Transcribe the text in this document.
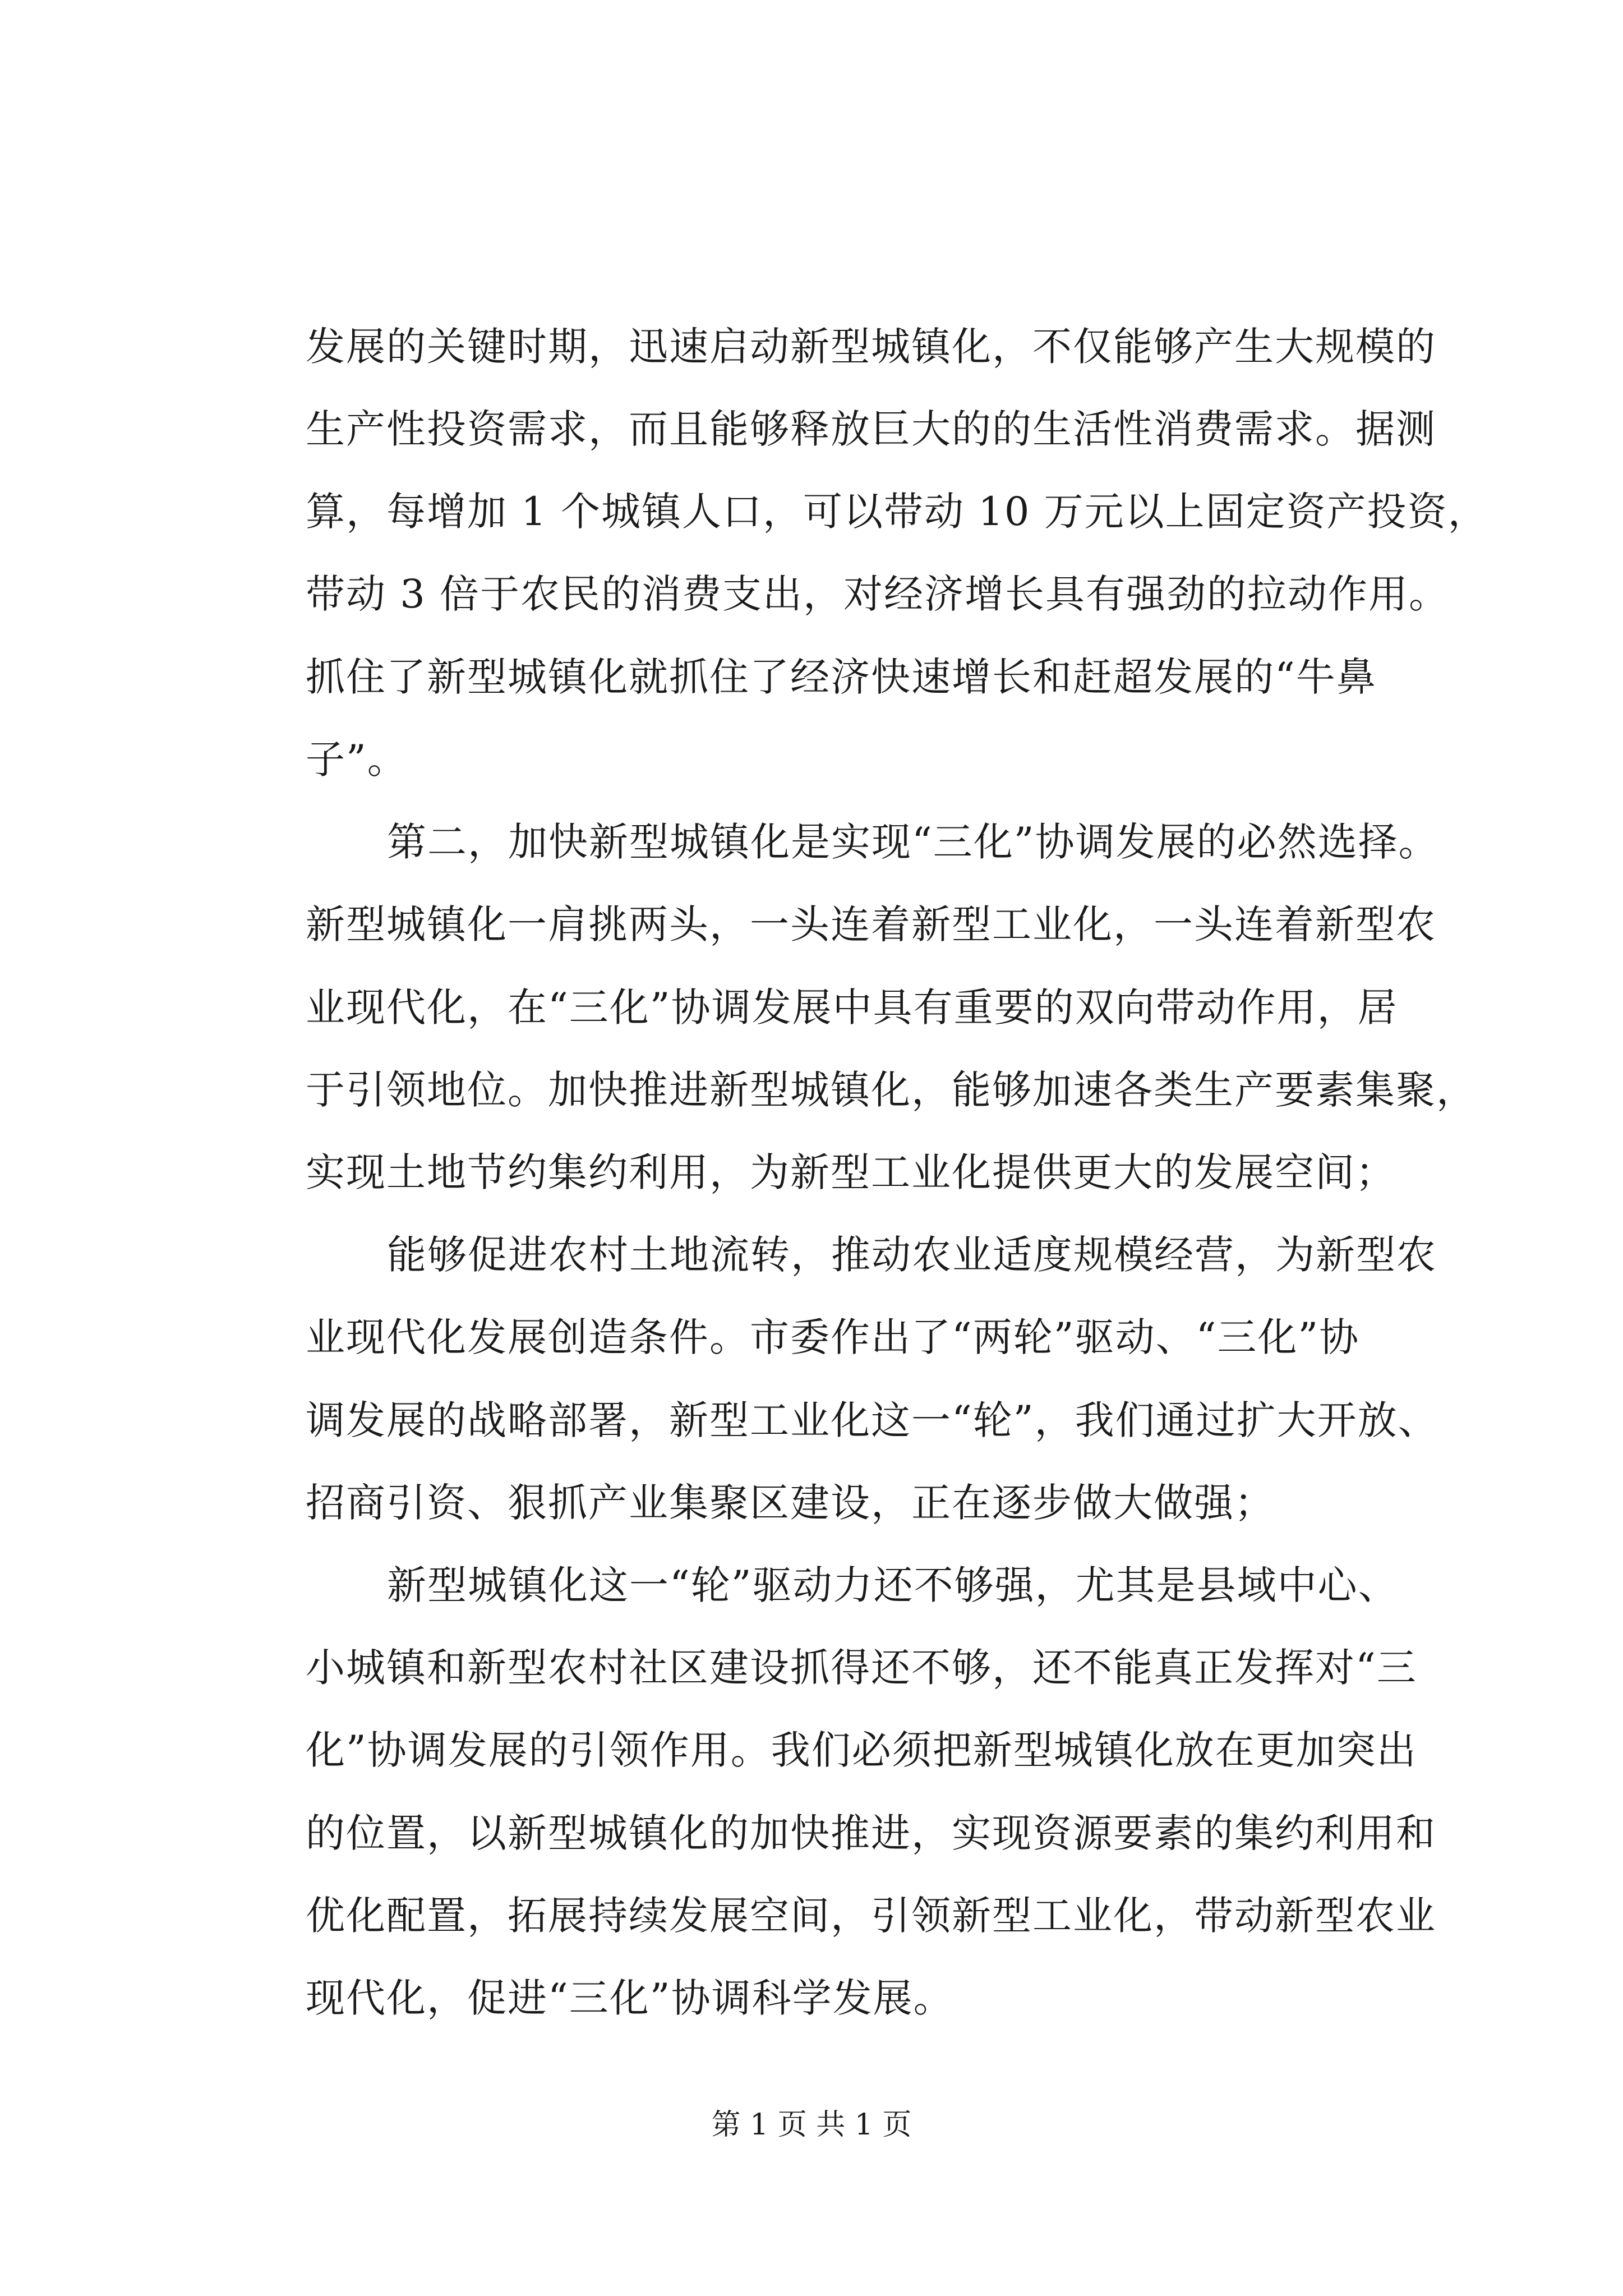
发展的关键时期，迅速启动新型城镇化，不仅能够产生大规模的
生产性投资需求，而且能够释放巨大的的生活性消费需求。据测
算，每增加 1 个城镇人口，可以带动 10 万元以上固定资产投资，
带动 3 倍于农民的消费支出，对经济增长具有强劲的拉动作用。
抓住了新型城镇化就抓住了经济快速增长和赶超发展的“牛鼻
子”。
第二，加快新型城镇化是实现“三化”协调发展的必然选择。
新型城镇化一肩挑两头，一头连着新型工业化，一头连着新型农
业现代化，在“三化”协调发展中具有重要的双向带动作用，居
于引领地位。加快推进新型城镇化，能够加速各类生产要素集聚，
实现土地节约集约利用，为新型工业化提供更大的发展空间；
能够促进农村土地流转，推动农业适度规模经营，为新型农
业现代化发展创造条件。市委作出了“两轮”驱动、“三化”协
调发展的战略部署，新型工业化这一“轮”，我们通过扩大开放、
招商引资、狠抓产业集聚区建设，正在逐步做大做强；
新型城镇化这一“轮”驱动力还不够强，尤其是县域中心、
小城镇和新型农村社区建设抓得还不够，还不能真正发挥对“三
化”协调发展的引领作用。我们必须把新型城镇化放在更加突出
的位置，以新型城镇化的加快推进，实现资源要素的集约利用和
优化配置，拓展持续发展空间，引领新型工业化，带动新型农业
现代化，促进“三化”协调科学发展。
第 1 页 共 1 页
